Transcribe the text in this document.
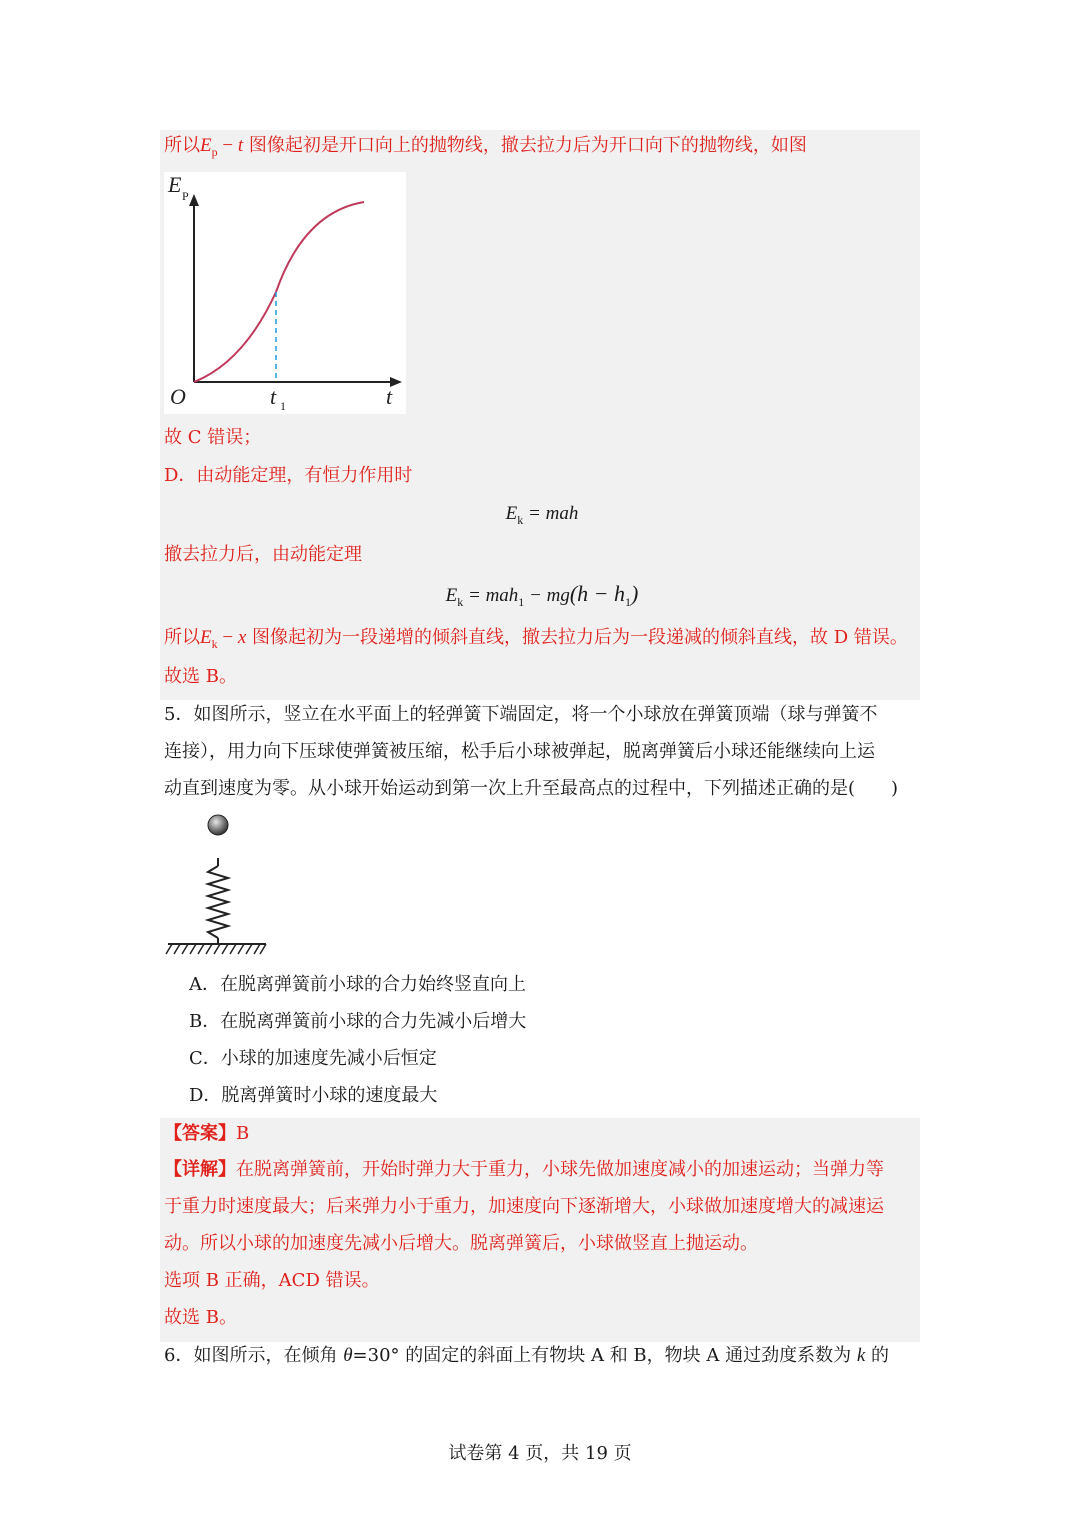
所以$E_p - t$ 图像起初是开口向上的抛物线，撤去拉力后为开口向下的抛物线，如图
E P
O	t 1	t
故 C 错误；
D．由动能定理，有恒力作用时
$E_k$ = mah
撤去拉力后，由动能定理
$E_k = mah_1 - mg(h - h_1)$
所以$E_k - x$ 图像起初为一段递增的倾斜直线，撤去拉力后为一段递减的倾斜直线，故 D 错误。
故选 B。
5．如图所示，竖立在水平面上的轻弹簧下端固定，将一个小球放在弹簧顶端（球与弹簧不
连接），用力向下压球使弹簧被压缩，松手后小球被弹起，脱离弹簧后小球还能继续向上运
动直到速度为零。从小球开始运动到第一次上升至最高点的过程中，下列描述正确的是(　　)
A．在脱离弹簧前小球的合力始终竖直向上
B．在脱离弹簧前小球的合力先减小后增大
C．小球的加速度先减小后恒定
D．脱离弹簧时小球的速度最大
【答案】B
【详解】在脱离弹簧前，开始时弹力大于重力，小球先做加速度减小的加速运动；当弹力等
于重力时速度最大；后来弹力小于重力，加速度向下逐渐增大，小球做加速度增大的减速运
动。所以小球的加速度先减小后增大。脱离弹簧后，小球做竖直上抛运动。
选项 B 正确，ACD 错误。
故选 B。
6．如图所示，在倾角 θ=30° 的固定的斜面上有物块 A 和 B，物块 A 通过劲度系数为 k 的
试卷第 4 页，共 19 页
